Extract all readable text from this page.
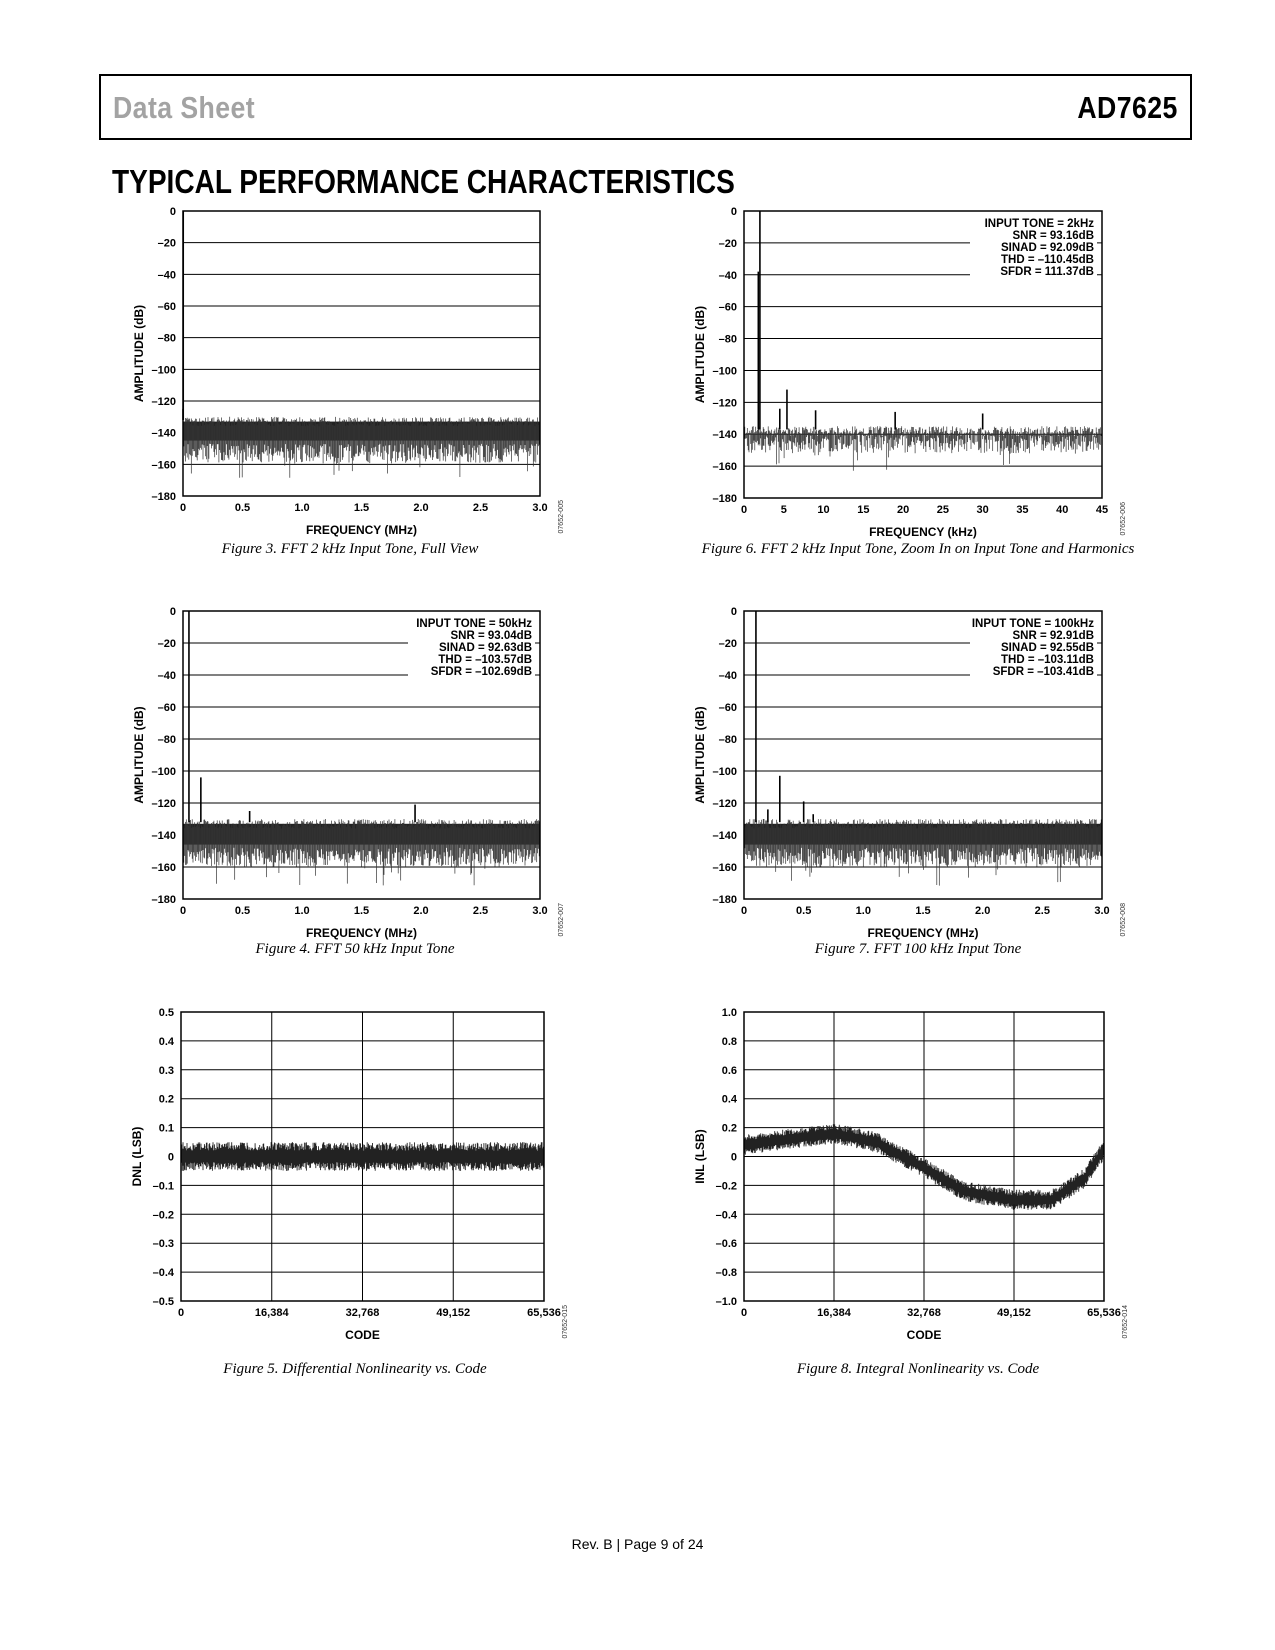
Data Sheet	AD7625
TYPICAL PERFORMANCE CHARACTERISTICS
0
–20
–40
–60
–80
–100
–120
–140
–160
–180
0	0.5	1.0	1.5	2.0	2.5	3.0
FREQUENCY (MHz)
AMPLITUDE (dB)
07652-005
Figure 3. FFT 2 kHz Input Tone, Full View
0
–20
–40
–60
–80
–100
–120
–140
–160
–180
0	5	10	15	20	25	30	35	40	45
FREQUENCY (kHz)
AMPLITUDE (dB)
07652-006
INPUT TONE = 2kHz
SNR = 93.16dB
SINAD = 92.09dB
THD = –110.45dB
SFDR = 111.37dB
Figure 6. FFT 2 kHz Input Tone, Zoom In on Input Tone and Harmonics
0
–20
–40
–60
–80
–100
–120
–140
–160
–180
0	0.5	1.0	1.5	2.0	2.5	3.0
FREQUENCY (MHz)
AMPLITUDE (dB)
07652-007
INPUT TONE = 50kHz
SNR = 93.04dB
SINAD = 92.63dB
THD = –103.57dB
SFDR = –102.69dB
Figure 4. FFT 50 kHz Input Tone
0
–20
–40
–60
–80
–100
–120
–140
–160
–180
0	0.5	1.0	1.5	2.0	2.5	3.0
FREQUENCY (MHz)
AMPLITUDE (dB)
07652-008
INPUT TONE = 100kHz
SNR = 92.91dB
SINAD = 92.55dB
THD = –103.11dB
SFDR = –103.41dB
Figure 7. FFT 100 kHz Input Tone
0.5
0.4
0.3
0.2
0.1
0
–0.1
–0.2
–0.3
–0.4
–0.5
0	16,384	32,768	49,152	65,536
CODE
DNL (LSB)
07652-015
Figure 5. Differential Nonlinearity vs. Code
1.0
0.8
0.6
0.4
0.2
0
–0.2
–0.4
–0.6
–0.8
–1.0
0	16,384	32,768	49,152	65,536
CODE
INL (LSB)
07652-014
Figure 8. Integral Nonlinearity vs. Code
Rev. B | Page 9 of 24
